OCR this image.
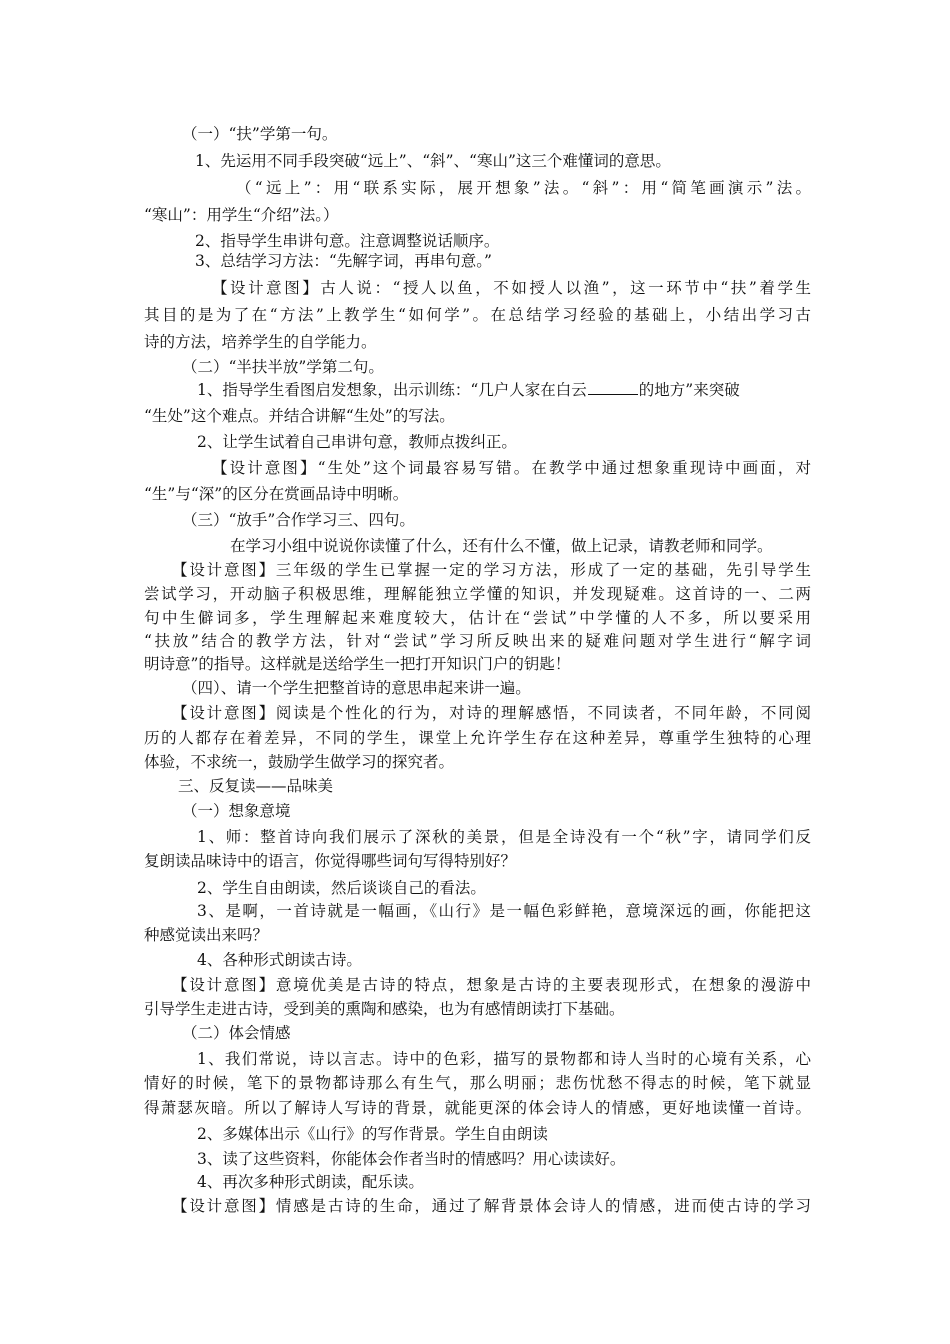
（一）“扶”学第一句。
1、先运用不同手段突破“远上”、“斜”、“寒山”这三个难懂词的意思。
（“远上”：用“联系实际，展开想象”法。“斜”：用“简笔画演示”法。
“寒山”：用学生“介绍”法。）
2、指导学生串讲句意。注意调整说话顺序。
3、总结学习方法：“先解字词，再串句意。”
【设计意图】古人说：“授人以鱼，不如授人以渔”，这一环节中“扶”着学生
其目的是为了在“方法”上教学生“如何学”。在总结学习经验的基础上，小结出学习古
诗的方法，培养学生的自学能力。
（二）“半扶半放”学第二句。
1、指导学生看图启发想象，出示训练：“几户人家在白云	的地方”来突破
“生处”这个难点。并结合讲解“生处”的写法。
2、让学生试着自己串讲句意，教师点拨纠正。
【设计意图】“生处”这个词最容易写错。在教学中通过想象重现诗中画面，对
“生”与“深”的区分在赏画品诗中明晰。
（三）“放手”合作学习三、四句。
在学习小组中说说你读懂了什么，还有什么不懂，做上记录，请教老师和同学。
【设计意图】三年级的学生已掌握一定的学习方法，形成了一定的基础，先引导学生
尝试学习，开动脑子积极思维，理解能独立学懂的知识，并发现疑难。这首诗的一、二两
句中生僻词多，学生理解起来难度较大，估计在“尝试”中学懂的人不多，所以要采用
“扶放”结合的教学方法，针对“尝试”学习所反映出来的疑难问题对学生进行“解字词
明诗意”的指导。这样就是送给学生一把打开知识门户的钥匙！
（四）、请一个学生把整首诗的意思串起来讲一遍。
【设计意图】阅读是个性化的行为，对诗的理解感悟，不同读者，不同年龄，不同阅
历的人都存在着差异，不同的学生，课堂上允许学生存在这种差异，尊重学生独特的心理
体验，不求统一，鼓励学生做学习的探究者。
三、反复读——品味美
（一）想象意境
1、师：整首诗向我们展示了深秋的美景，但是全诗没有一个“秋”字，请同学们反
复朗读品味诗中的语言，你觉得哪些词句写得特别好？
2、学生自由朗读，然后谈谈自己的看法。
3、是啊，一首诗就是一幅画，《山行》是一幅色彩鲜艳，意境深远的画，你能把这
种感觉读出来吗？
4、各种形式朗读古诗。
【设计意图】意境优美是古诗的特点，想象是古诗的主要表现形式，在想象的漫游中
引导学生走进古诗，受到美的熏陶和感染，也为有感情朗读打下基础。
（二）体会情感
1、我们常说，诗以言志。诗中的色彩，描写的景物都和诗人当时的心境有关系，心
情好的时候，笔下的景物都诗那么有生气，那么明丽；悲伤忧愁不得志的时候，笔下就显
得萧瑟灰暗。所以了解诗人写诗的背景，就能更深的体会诗人的情感，更好地读懂一首诗。
2、多媒体出示《山行》的写作背景。学生自由朗读
3、读了这些资料，你能体会作者当时的情感吗？用心读读好。
4、再次多种形式朗读，配乐读。
【设计意图】情感是古诗的生命，通过了解背景体会诗人的情感，进而使古诗的学习
